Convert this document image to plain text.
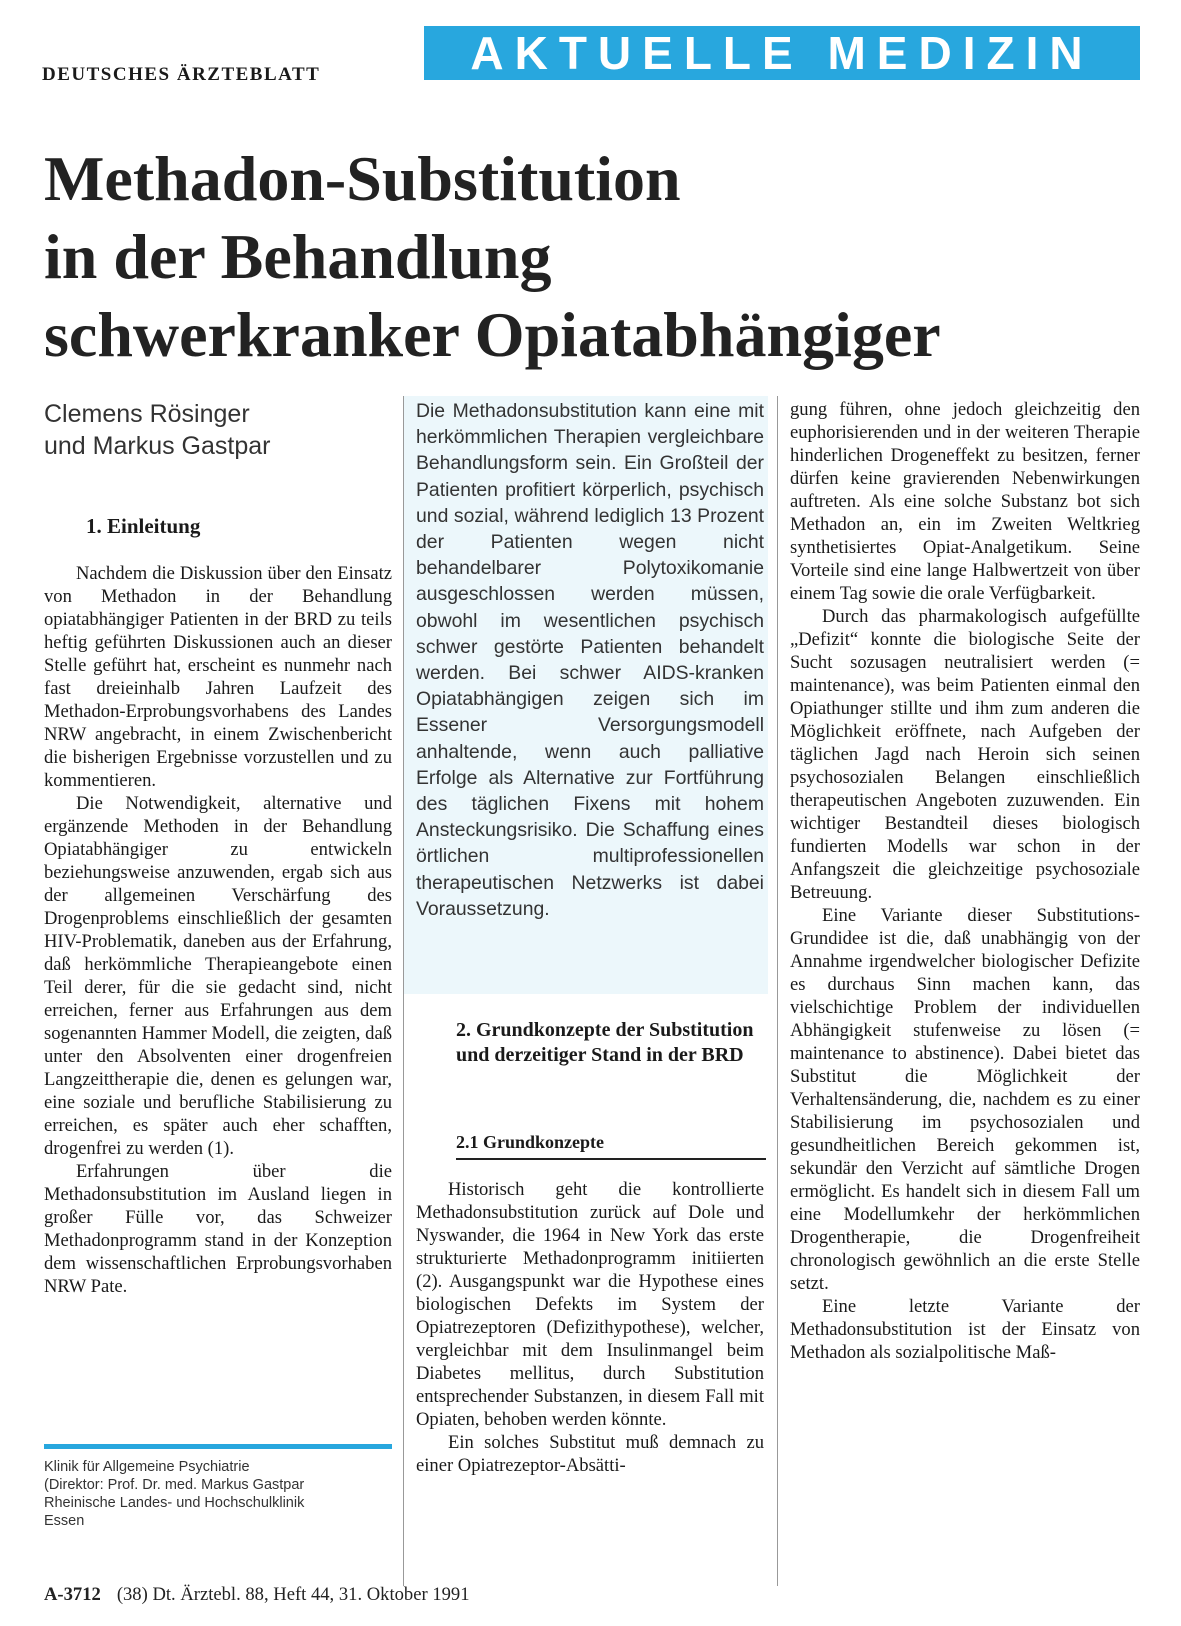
DEUTSCHES ÄRZTEBLATT	AKTUELLE MEDIZIN
Methadon-Substitution
in der Behandlung
schwerkranker Opiatabhängiger
Clemens Rösinger
und Markus Gastpar
1. Einleitung

Nachdem die Diskussion über den Einsatz von Methadon in der Behandlung opiatabhängiger Patienten in der BRD zu teils heftig geführten Diskussionen auch an dieser Stelle geführt hat, erscheint es nunmehr nach fast dreieinhalb Jahren Laufzeit des Methadon-Erprobungsvorhabens des Landes NRW angebracht, in einem Zwischenbericht die bisherigen Ergebnisse vorzustellen und zu kommentieren.

Die Notwendigkeit, alternative und ergänzende Methoden in der Behandlung Opiatabhängiger zu entwickeln beziehungsweise anzuwenden, ergab sich aus der allgemeinen Verschärfung des Drogenproblems einschließlich der gesamten HIV-Problematik, daneben aus der Erfahrung, daß herkömmliche Therapieangebote einen Teil derer, für die sie gedacht sind, nicht erreichen, ferner aus Erfahrungen aus dem sogenannten Hammer Modell, die zeigten, daß unter den Absolventen einer drogenfreien Langzeittherapie die, denen es gelungen war, eine soziale und berufliche Stabilisierung zu erreichen, es später auch eher schafften, drogenfrei zu werden (1).

Erfahrungen über die Methadonsubstitution im Ausland liegen in großer Fülle vor, das Schweizer Methadonprogramm stand in der Konzeption dem wissenschaftlichen Erprobungsvorhaben NRW Pate.

Klinik für Allgemeine Psychiatrie
(Direktor: Prof. Dr. med. Markus Gastpar
Rheinische Landes- und Hochschulklinik
Essen

Die Methadonsubstitution kann eine mit herkömmlichen Therapien vergleichbare Behandlungsform sein. Ein Großteil der Patienten profitiert körperlich, psychisch und sozial, während lediglich 13 Prozent der Patienten wegen nicht behandelbarer Polytoxikomanie ausgeschlossen werden müssen, obwohl im wesentlichen psychisch schwer gestörte Patienten behandelt werden. Bei schwer AIDS-kranken Opiatabhängigen zeigen sich im Essener Versorgungsmodell anhaltende, wenn auch palliative Erfolge als Alternative zur Fortführung des täglichen Fixens mit hohem Ansteckungsrisiko. Die Schaffung eines örtlichen multiprofessionellen therapeutischen Netzwerks ist dabei Voraussetzung.

2. Grundkonzepte der Substitution und derzeitiger Stand in der BRD
2.1 Grundkonzepte

Historisch geht die kontrollierte Methadonsubstitution zurück auf Dole und Nyswander, die 1964 in New York das erste strukturierte Methadonprogramm initiierten (2). Ausgangspunkt war die Hypothese eines biologischen Defekts im System der Opiatrezeptoren (Defizithypothese), welcher, vergleichbar mit dem Insulinmangel beim Diabetes mellitus, durch Substitution entsprechender Substanzen, in diesem Fall mit Opiaten, behoben werden könnte.

Ein solches Substitut muß demnach zu einer Opiatrezeptor-Absätti-

gung führen, ohne jedoch gleichzeitig den euphorisierenden und in der weiteren Therapie hinderlichen Drogeneffekt zu besitzen, ferner dürfen keine gravierenden Nebenwirkungen auftreten. Als eine solche Substanz bot sich Methadon an, ein im Zweiten Weltkrieg synthetisiertes Opiat-Analgetikum. Seine Vorteile sind eine lange Halbwertzeit von über einem Tag sowie die orale Verfügbarkeit.

Durch das pharmakologisch aufgefüllte „Defizit“ konnte die biologische Seite der Sucht sozusagen neutralisiert werden (= maintenance), was beim Patienten einmal den Opiathunger stillte und ihm zum anderen die Möglichkeit eröffnete, nach Aufgeben der täglichen Jagd nach Heroin sich seinen psychosozialen Belangen einschließlich therapeutischen Angeboten zuzuwenden. Ein wichtiger Bestandteil dieses biologisch fundierten Modells war schon in der Anfangszeit die gleichzeitige psychosoziale Betreuung.

Eine Variante dieser Substitutions-Grundidee ist die, daß unabhängig von der Annahme irgendwelcher biologischer Defizite es durchaus Sinn machen kann, das vielschichtige Problem der individuellen Abhängigkeit stufenweise zu lösen (= maintenance to abstinence). Dabei bietet das Substitut die Möglichkeit der Verhaltensänderung, die, nachdem es zu einer Stabilisierung im psychosozialen und gesundheitlichen Bereich gekommen ist, sekundär den Verzicht auf sämtliche Drogen ermöglicht. Es handelt sich in diesem Fall um eine Modellumkehr der herkömmlichen Drogentherapie, die Drogenfreiheit chronologisch gewöhnlich an die erste Stelle setzt.

Eine letzte Variante der Methadonsubstitution ist der Einsatz von Methadon als sozialpolitische Maß-

A-3712 (38) Dt. Ärztebl. 88, Heft 44, 31. Oktober 1991
